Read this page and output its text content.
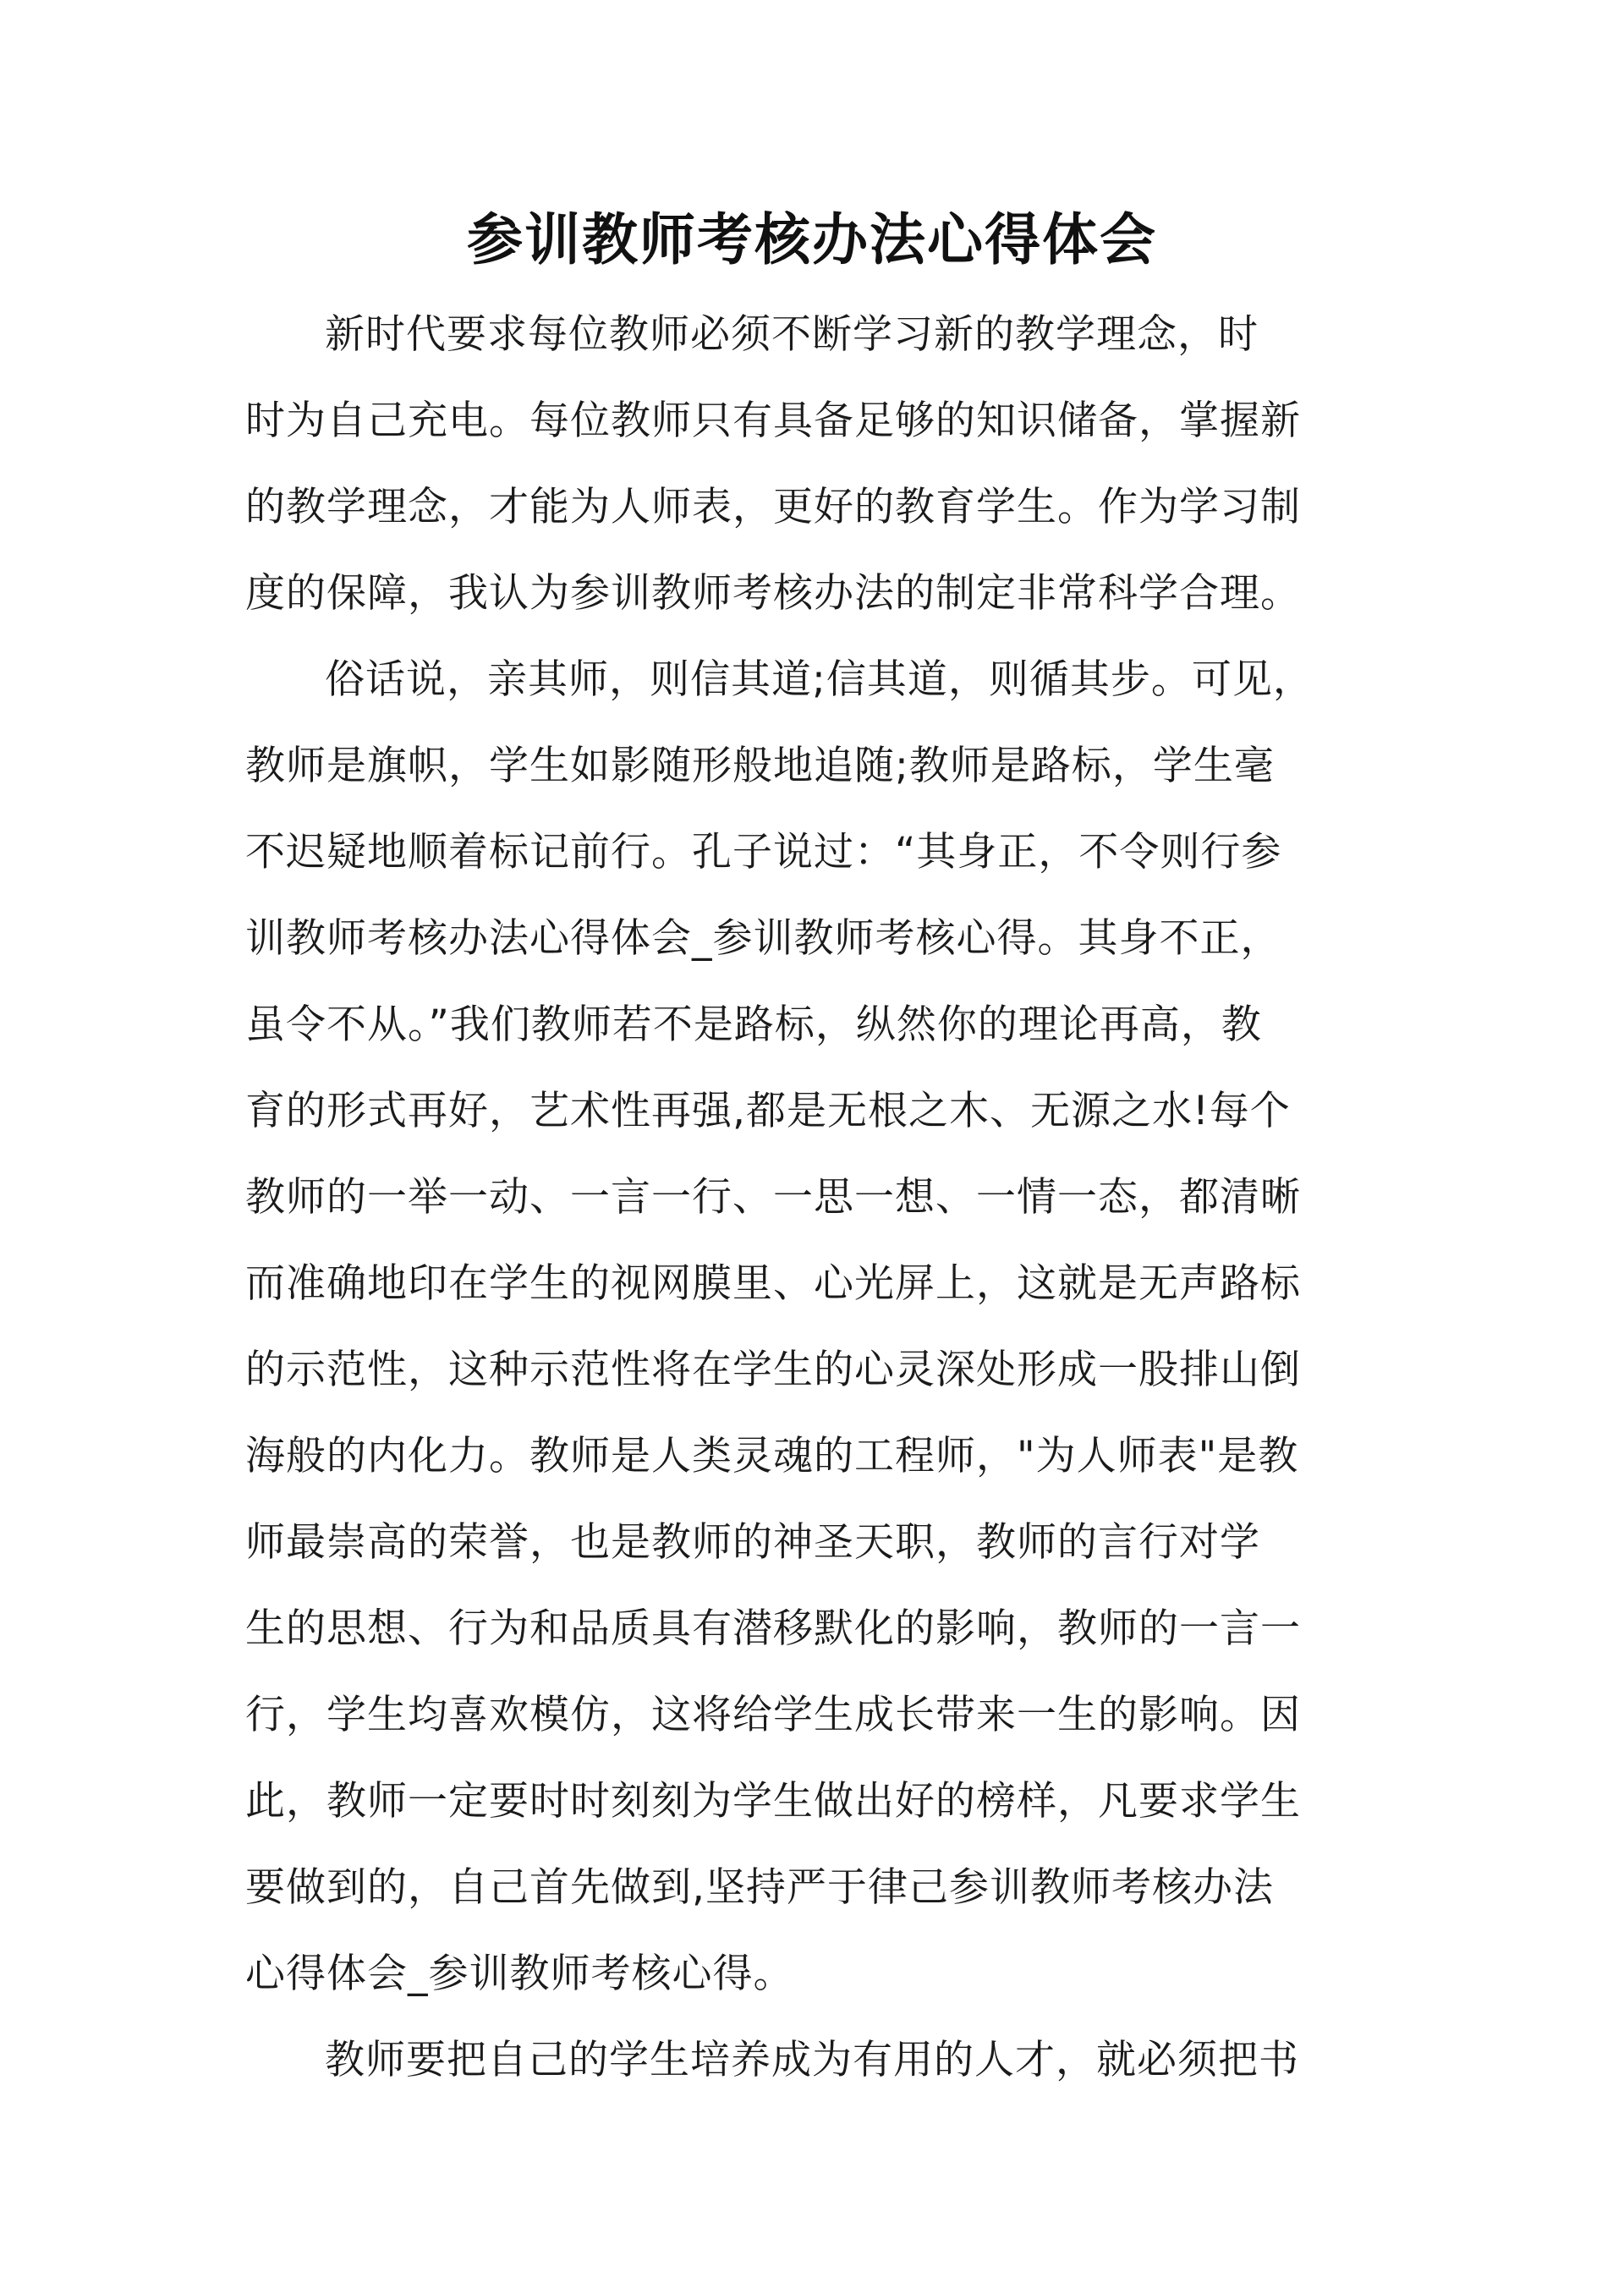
参训教师考核办法心得体会

新时代要求每位教师必须不断学习新的教学理念，时
时为自己充电。每位教师只有具备足够的知识储备，掌握新
的教学理念，才能为人师表，更好的教育学生。作为学习制
度的保障，我认为参训教师考核办法的制定非常科学合理。

俗话说，亲其师，则信其道;信其道，则循其步。可见，
教师是旗帜，学生如影随形般地追随;教师是路标，学生毫
不迟疑地顺着标记前行。孔子说过：“其身正，不令则行参
训教师考核办法心得体会_参训教师考核心得。其身不正，
虽令不从。”我们教师若不是路标，纵然你的理论再高，教
育的形式再好，艺术性再强,都是无根之木、无源之水!每个
教师的一举一动、一言一行、一思一想、一情一态，都清晰
而准确地印在学生的视网膜里、心光屏上，这就是无声路标
的示范性，这种示范性将在学生的心灵深处形成一股排山倒
海般的内化力。教师是人类灵魂的工程师，"为人师表"是教
师最崇高的荣誉，也是教师的神圣天职，教师的言行对学
生的思想、行为和品质具有潜移默化的影响，教师的一言一
行，学生均喜欢模仿，这将给学生成长带来一生的影响。因
此，教师一定要时时刻刻为学生做出好的榜样，凡要求学生
要做到的，自己首先做到,坚持严于律己参训教师考核办法
心得体会_参训教师考核心得。

教师要把自己的学生培养成为有用的人才，就必须把书
